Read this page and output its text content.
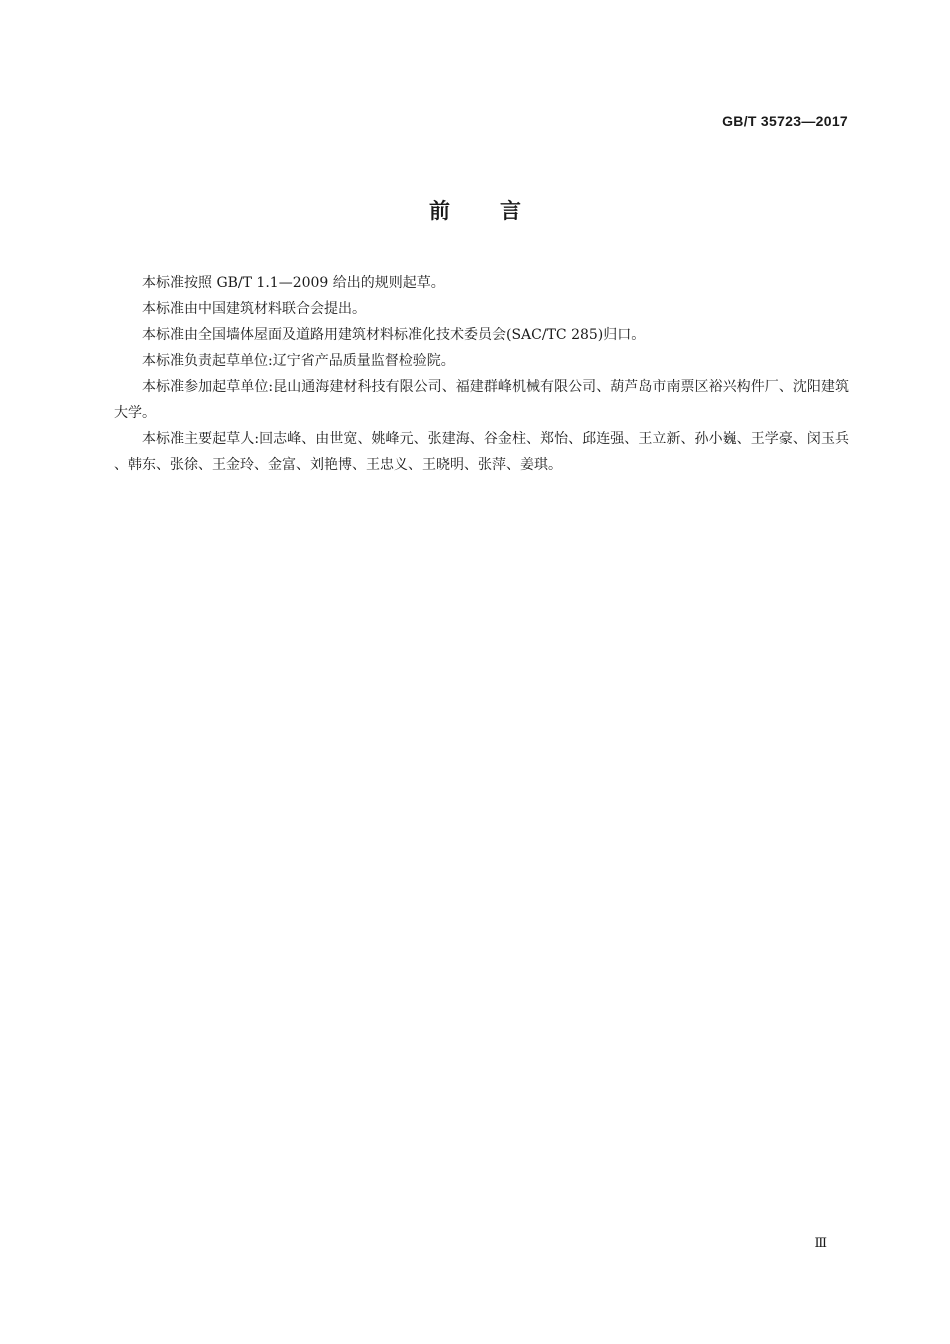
GB/T 35723—2017
前言

本标准按照 GB/T 1.1—2009 给出的规则起草。

本标准由中国建筑材料联合会提出。

本标准由全国墙体屋面及道路用建筑材料标准化技术委员会(SAC/TC 285)归口。

本标准负责起草单位:辽宁省产品质量监督检验院。

本标准参加起草单位:昆山通海建材科技有限公司、福建群峰机械有限公司、葫芦岛市南票区裕兴构件厂、沈阳建筑大学。

本标准主要起草人:回志峰、由世宽、姚峰元、张建海、谷金柱、郑怡、邱连强、王立新、孙小巍、王学豪、闵玉兵、韩东、张徐、王金玲、金富、刘艳博、王忠义、王晓明、张萍、姜琪。

Ⅲ
